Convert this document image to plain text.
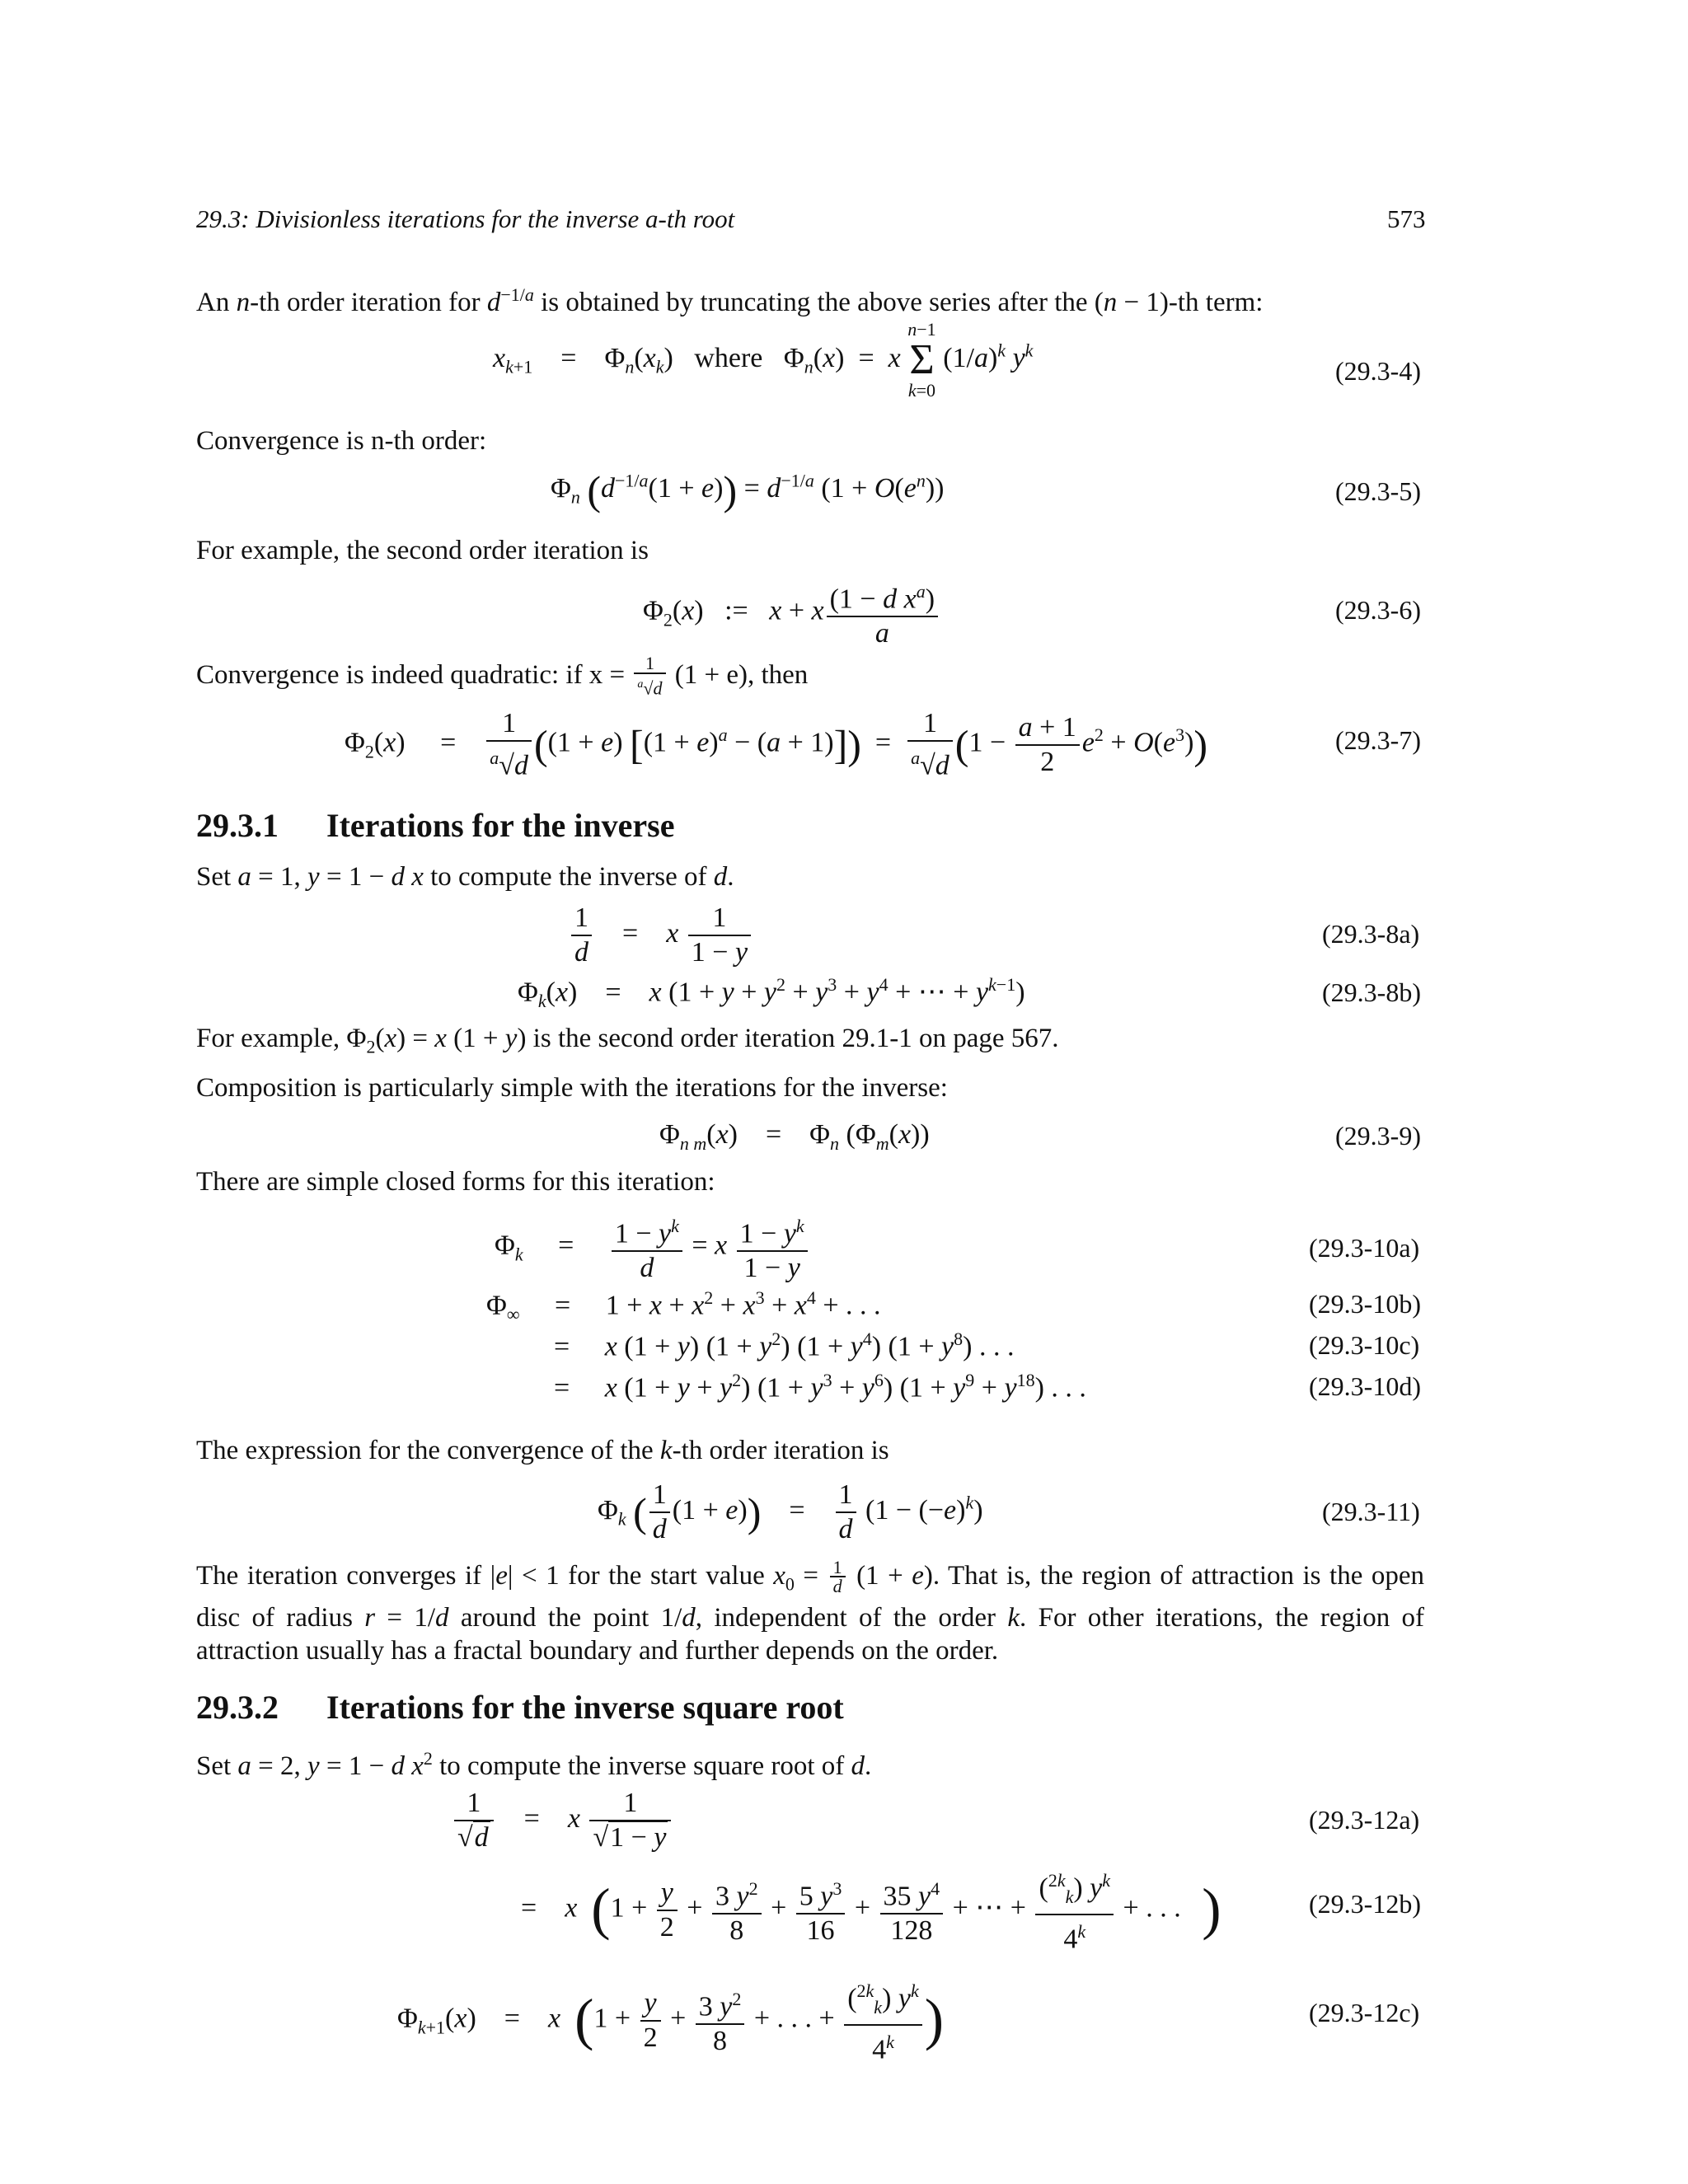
29.3: Divisionless iterations for the inverse a-th root	573
An n-th order iteration for $d^{-1/a}$ is obtained by truncating the above series after the (n − 1)-th term:
$x_{k+1}$    =    $\Phi_n(x_k)$   where   $\Phi_n(x) = x$
n−1
Σ
k=0
$(1/a)^k$ $y^k$
(29.3-4)
Convergence is n-th order:
$\Phi_n$ $(d^{-1/a}(1 + e)) = d^{-1/a}$ $(1 + O(e^n))$	(29.3-5)
For example, the second order iteration is
$\Phi_2(x)$   :=   x + x $\frac{(1 - d x^a)}{a}$	(29.3-6)
Convergence is indeed quadratic: if $x = \frac{1}{^a√d} (1 + e)$, then
$\Phi_2(x)$     = $\frac{1}{^a√d} ((1 + e) [(1 + e)^a - (a + 1)]) = \frac{1}{^a√d} (1 - \frac{a + 1}{2} e^2 + O(e^3))$	(29.3-7)
29.3.1 Iterations for the inverse
Set a = 1, y = 1 − d x to compute the inverse of d.
$\frac{1}{d}$ =    x $\frac{1}{1 - y}$	(29.3-8a)
$\Phi_k(x)$    =    x ($1 + y + y^2 + y^3 + y^4$ + ⋯ + $y^{k-1}$)	(29.3-8b)
For example, $\Phi_2(x) = x$ (1 + y) is the second order iteration 29.1-1 on page 567.
Composition is particularly simple with the iterations for the inverse:
$\Phi_{n m}(x)$    =    $\Phi_n$ $(\Phi_m(x))$	(29.3-9)
There are simple closed forms for this iteration:
$\Phi_k$     = $\frac{1 - y^k}{d} = x \frac{1 - y^k}{1 - y}$	(29.3-10a)
$\Phi_\infty$     =     $1 + x + x^2 + x^3 + x^4$ + . . .	(29.3-10b)
=     x (1 + y) $(1 + y^2)$ $(1 + y^4)$ $(1 + y^8)$ . . .	(29.3-10c)
=     x $(1 + y + y^2)$ $(1 + y^3 + y^6)$ $(1 + y^9 + y^{18})$ . . .	(29.3-10d)
The expression for the convergence of the k-th order iteration is
$\Phi_k$ ( $\frac{1}{d} (1 + e)$)    = $\frac{1}{d} (1 - (-e)^k)$	(29.3-11)
The iteration converges if |e| < 1 for the start value $x_0 = \frac{1}{d} (1 + e)$. That is, the region of attraction is the open disc of radius r = 1/d around the point 1/d, independent of the order k. For other iterations, the region of attraction usually has a fractal boundary and further depends on the order.
29.3.2 Iterations for the inverse square root
Set a = 2, y = 1 − d $x^2$ to compute the inverse square root of d.
$\frac{1}{√d}$ =    x $\frac{1}{√1 - y}$	(29.3-12a)
=    x ($1 + \frac{y}{2} + \frac{3 y^2}{8} + \frac{5 y^3}{16} + \frac{35 y^4}{128}$ + ⋯ + $\frac{(^{2k}_k) y^k}{4^k}$ + . . .   )	(29.3-12b)
$\Phi_{k+1}(x)$    =    x ($1 + \frac{y}{2} + \frac{3 y^2}{8}$ + . . . + $\frac{(^{2k}_k) y^k}{4^k}$ )	(29.3-12c)
